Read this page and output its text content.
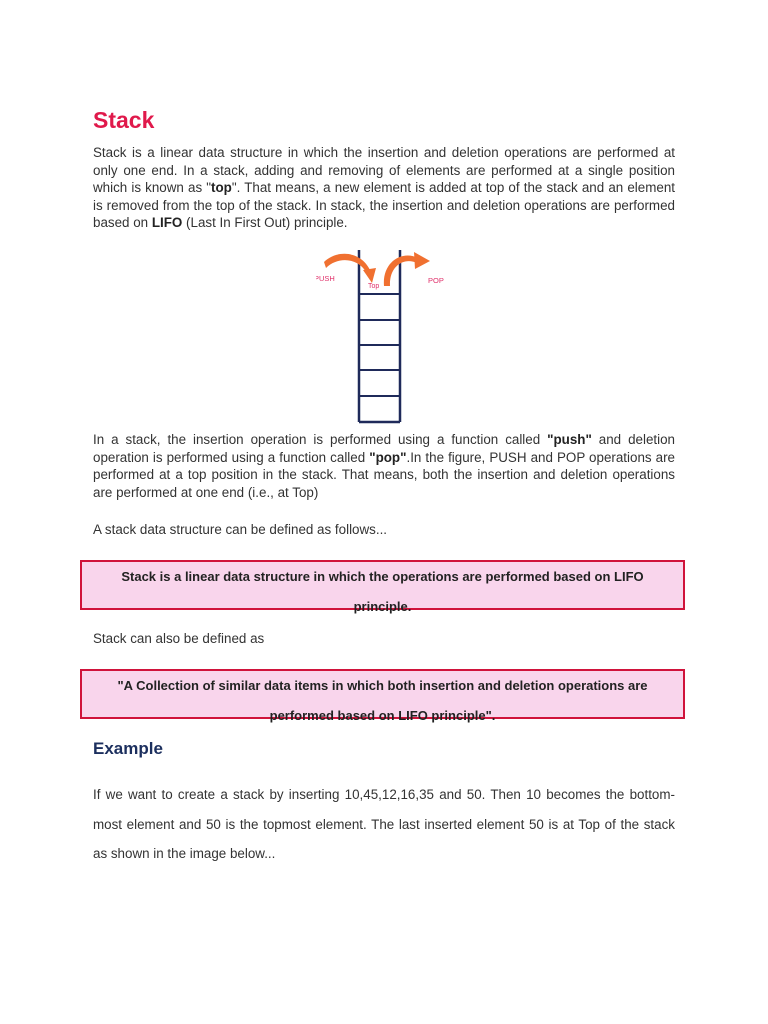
Stack

Stack is a linear data structure in which the insertion and deletion operations are performed at only one end. In a stack, adding and removing of elements are performed at a single position which is known as "top". That means, a new element is added at top of the stack and an element is removed from the top of the stack. In stack, the insertion and deletion operations are performed based on LIFO (Last In First Out) principle.

PUSH
Top
POP

In a stack, the insertion operation is performed using a function called "push" and deletion operation is performed using a function called "pop".In the figure, PUSH and POP operations are performed at a top position in the stack. That means, both the insertion and deletion operations are performed at one end (i.e., at Top)

A stack data structure can be defined as follows...

Stack is a linear data structure in which the operations are performed based on LIFO principle.

Stack can also be defined as

"A Collection of similar data items in which both insertion and deletion operations are performed based on LIFO principle".
Example

If we want to create a stack by inserting 10,45,12,16,35 and 50. Then 10 becomes the bottom-most element and 50 is the topmost element. The last inserted element 50 is at Top of the stack as shown in the image below...
